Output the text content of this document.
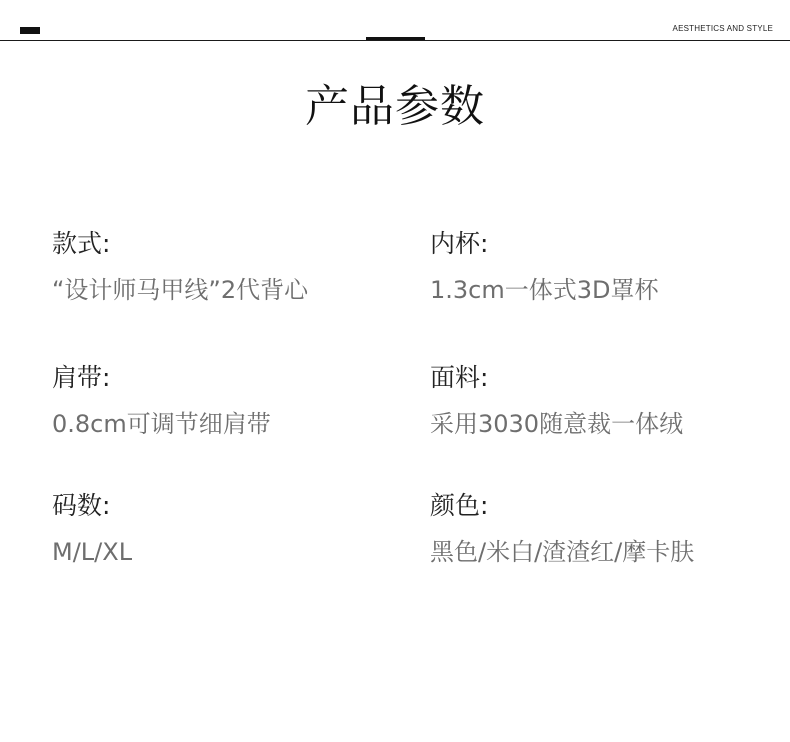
AESTHETICS AND STYLE
产品参数
款式:
“设计师马甲线”2代背心
内杯:
1.3cm一体式3D罩杯
肩带:
0.8cm可调节细肩带
面料:
采用3030随意裁一体绒
码数:
M/L/XL
颜色:
黑色/米白/渣渣红/摩卡肤
